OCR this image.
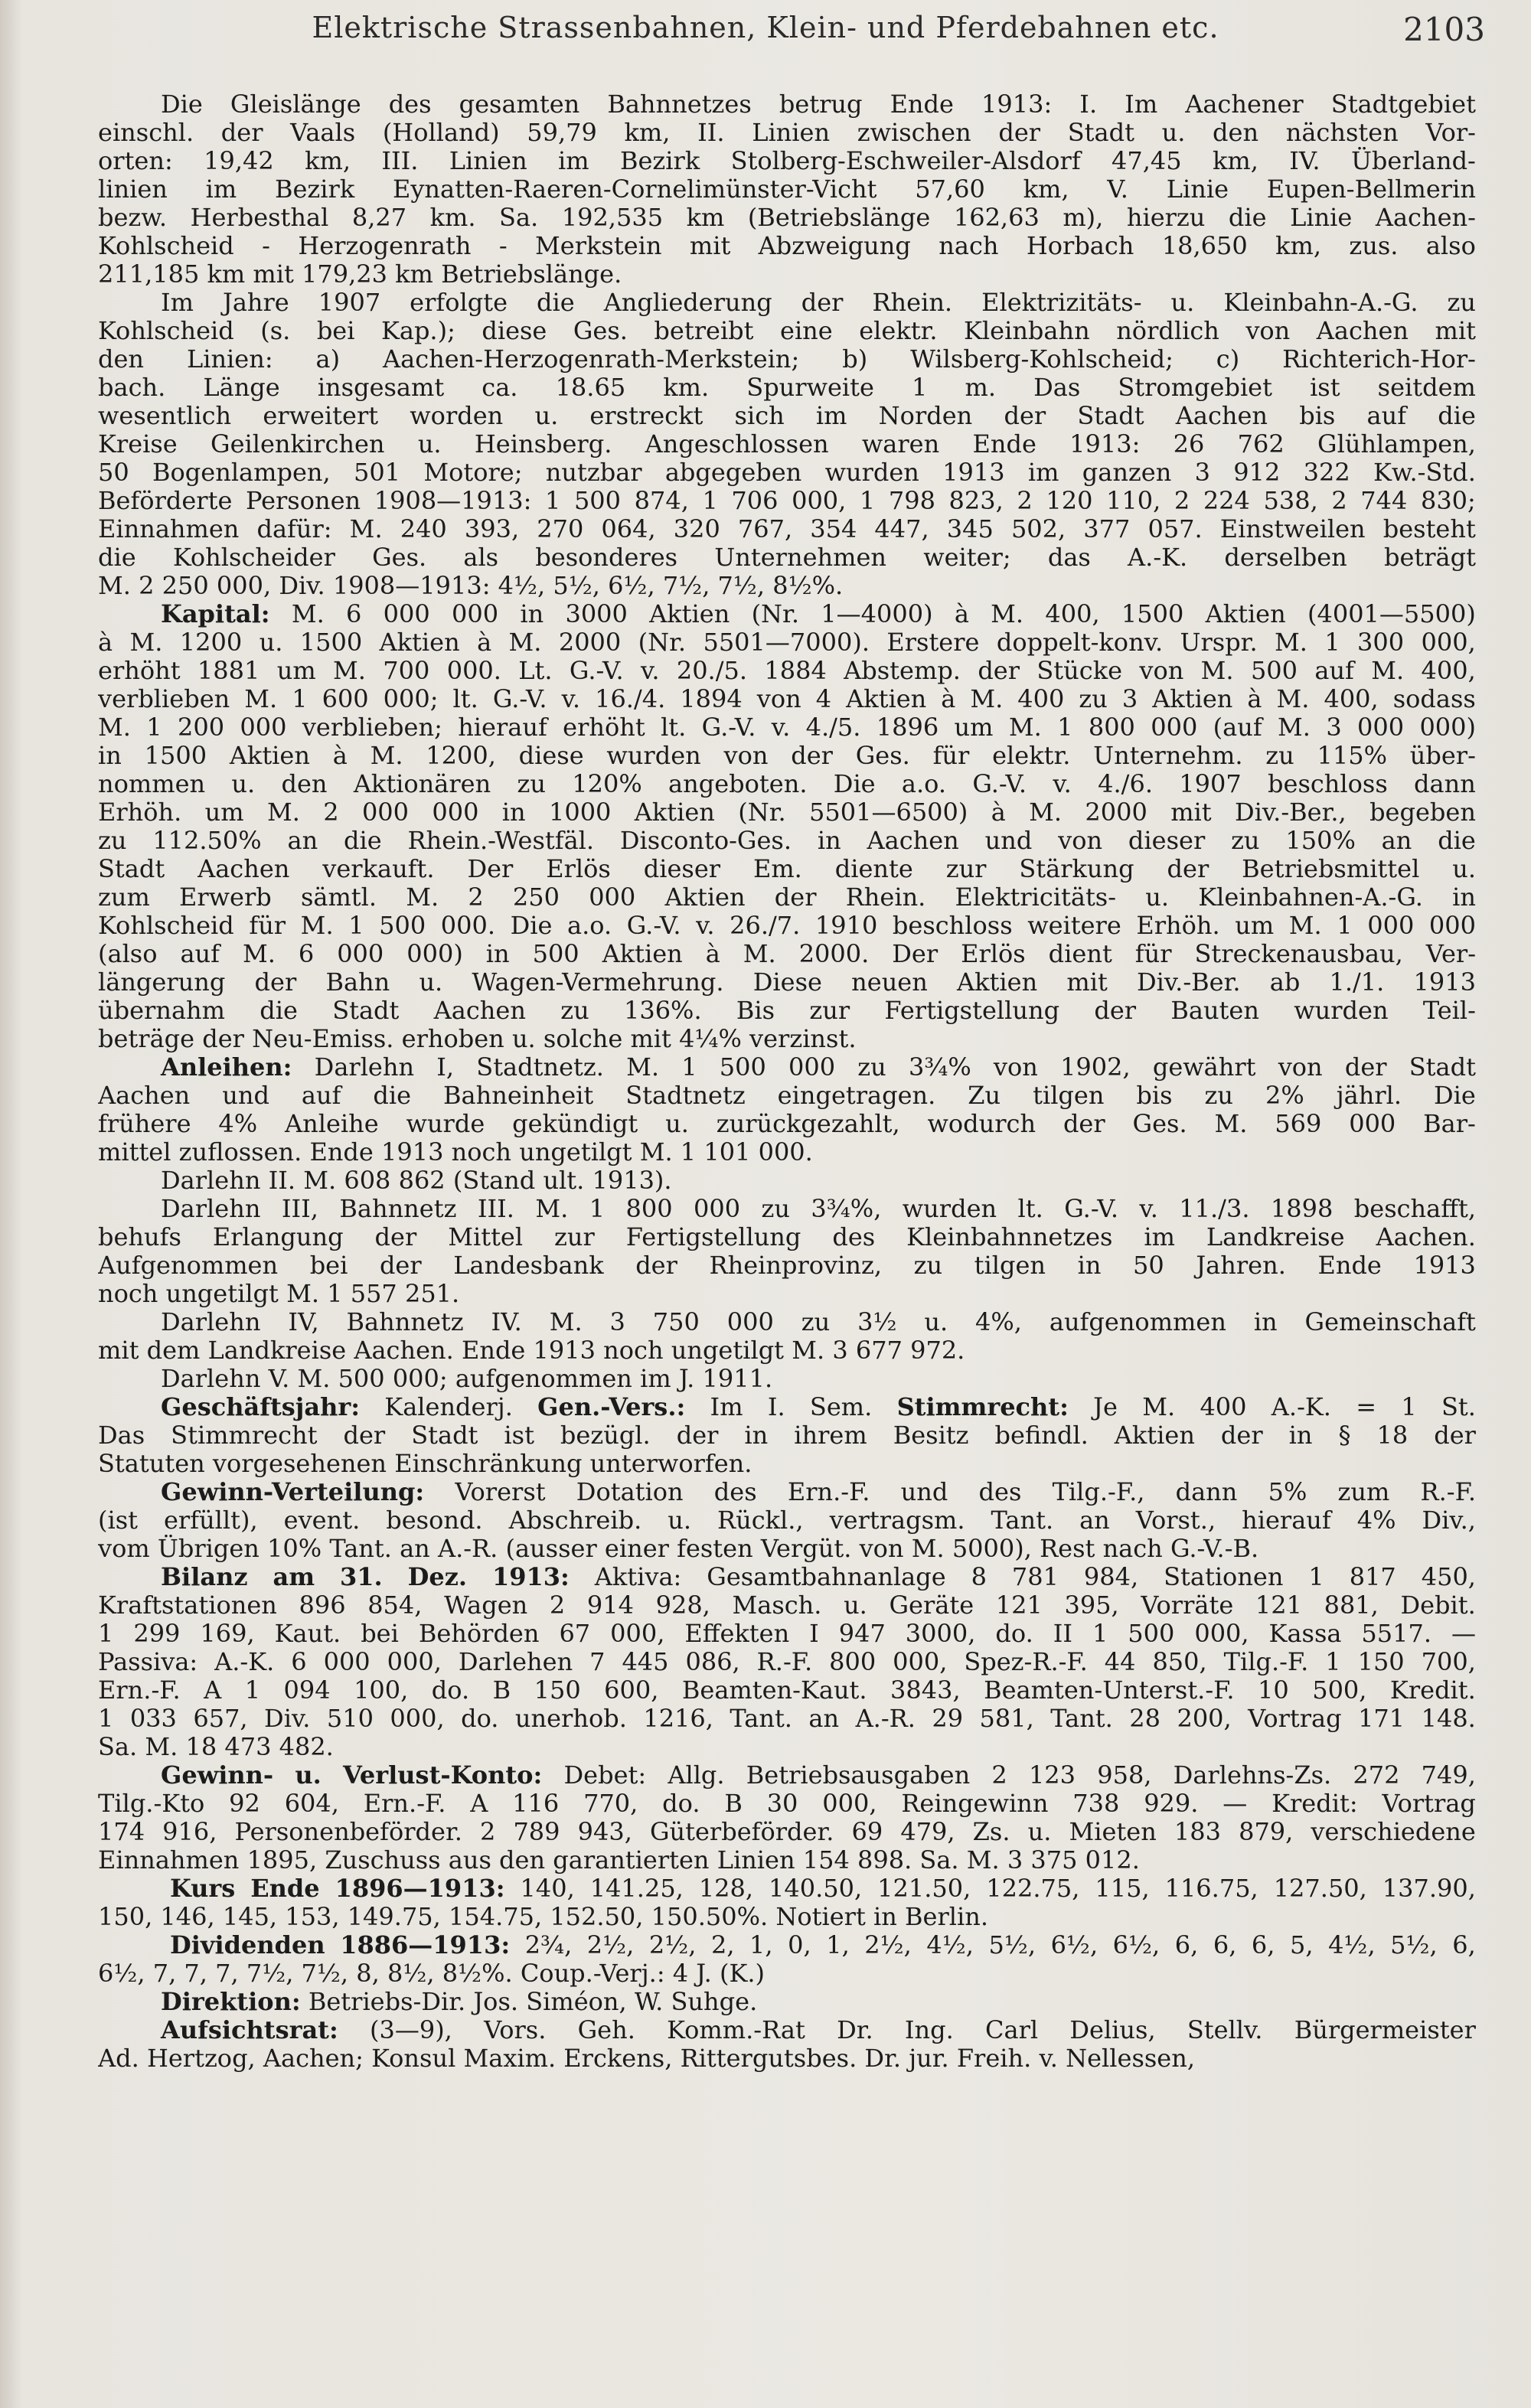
Elektrische Strassenbahnen, Klein- und Pferdebahnen etc.	2103
Die Gleislänge des gesamten Bahnnetzes betrug Ende 1913: I. Im Aachener Stadtgebiet
einschl. der Vaals (Holland) 59,79 km, II. Linien zwischen der Stadt u. den nächsten Vor-
orten: 19,42 km, III. Linien im Bezirk Stolberg-Eschweiler-Alsdorf 47,45 km, IV. Überland-
linien im Bezirk Eynatten-Raeren-Cornelimünster-Vicht 57,60 km, V. Linie Eupen-Bellmerin
bezw. Herbesthal 8,27 km. Sa. 192,535 km (Betriebslänge 162,63 m), hierzu die Linie Aachen-
Kohlscheid - Herzogenrath - Merkstein mit Abzweigung nach Horbach 18,650 km, zus. also
211,185 km mit 179,23 km Betriebslänge.
Im Jahre 1907 erfolgte die Angliederung der Rhein. Elektrizitäts- u. Kleinbahn-A.-G. zu
Kohlscheid (s. bei Kap.); diese Ges. betreibt eine elektr. Kleinbahn nördlich von Aachen mit
den Linien: a) Aachen-Herzogenrath-Merkstein; b) Wilsberg-Kohlscheid; c) Richterich-Hor-
bach. Länge insgesamt ca. 18.65 km. Spurweite 1 m. Das Stromgebiet ist seitdem
wesentlich erweitert worden u. erstreckt sich im Norden der Stadt Aachen bis auf die
Kreise Geilenkirchen u. Heinsberg. Angeschlossen waren Ende 1913: 26 762 Glühlampen,
50 Bogenlampen, 501 Motore; nutzbar abgegeben wurden 1913 im ganzen 3 912 322 Kw.-Std.
Beförderte Personen 1908—1913: 1 500 874, 1 706 000, 1 798 823, 2 120 110, 2 224 538, 2 744 830;
Einnahmen dafür: M. 240 393, 270 064, 320 767, 354 447, 345 502, 377 057. Einstweilen besteht
die Kohlscheider Ges. als besonderes Unternehmen weiter; das A.-K. derselben beträgt
M. 2 250 000, Div. 1908—1913: 4½, 5½, 6½, 7½, 7½, 8½%.
Kapital: M. 6 000 000 in 3000 Aktien (Nr. 1—4000) à M. 400, 1500 Aktien (4001—5500)
à M. 1200 u. 1500 Aktien à M. 2000 (Nr. 5501—7000). Erstere doppelt-konv. Urspr. M. 1 300 000,
erhöht 1881 um M. 700 000. Lt. G.-V. v. 20./5. 1884 Abstemp. der Stücke von M. 500 auf M. 400,
verblieben M. 1 600 000; lt. G.-V. v. 16./4. 1894 von 4 Aktien à M. 400 zu 3 Aktien à M. 400, sodass
M. 1 200 000 verblieben; hierauf erhöht lt. G.-V. v. 4./5. 1896 um M. 1 800 000 (auf M. 3 000 000)
in 1500 Aktien à M. 1200, diese wurden von der Ges. für elektr. Unternehm. zu 115% über-
nommen u. den Aktionären zu 120% angeboten. Die a.o. G.-V. v. 4./6. 1907 beschloss dann
Erhöh. um M. 2 000 000 in 1000 Aktien (Nr. 5501—6500) à M. 2000 mit Div.-Ber., begeben
zu 112.50% an die Rhein.-Westfäl. Disconto-Ges. in Aachen und von dieser zu 150% an die
Stadt Aachen verkauft. Der Erlös dieser Em. diente zur Stärkung der Betriebsmittel u.
zum Erwerb sämtl. M. 2 250 000 Aktien der Rhein. Elektricitäts- u. Kleinbahnen-A.-G. in
Kohlscheid für M. 1 500 000. Die a.o. G.-V. v. 26./7. 1910 beschloss weitere Erhöh. um M. 1 000 000
(also auf M. 6 000 000) in 500 Aktien à M. 2000. Der Erlös dient für Streckenausbau, Ver-
längerung der Bahn u. Wagen-Vermehrung. Diese neuen Aktien mit Div.-Ber. ab 1./1. 1913
übernahm die Stadt Aachen zu 136%. Bis zur Fertigstellung der Bauten wurden Teil-
beträge der Neu-Emiss. erhoben u. solche mit 4¼% verzinst.
Anleihen: Darlehn I, Stadtnetz. M. 1 500 000 zu 3¾% von 1902, gewährt von der Stadt
Aachen und auf die Bahneinheit Stadtnetz eingetragen. Zu tilgen bis zu 2% jährl. Die
frühere 4% Anleihe wurde gekündigt u. zurückgezahlt, wodurch der Ges. M. 569 000 Bar-
mittel zuflossen. Ende 1913 noch ungetilgt M. 1 101 000.
Darlehn II. M. 608 862 (Stand ult. 1913).
Darlehn III, Bahnnetz III. M. 1 800 000 zu 3¾%, wurden lt. G.-V. v. 11./3. 1898 beschafft,
behufs Erlangung der Mittel zur Fertigstellung des Kleinbahnnetzes im Landkreise Aachen.
Aufgenommen bei der Landesbank der Rheinprovinz, zu tilgen in 50 Jahren. Ende 1913
noch ungetilgt M. 1 557 251.
Darlehn IV, Bahnnetz IV. M. 3 750 000 zu 3½ u. 4%, aufgenommen in Gemeinschaft
mit dem Landkreise Aachen. Ende 1913 noch ungetilgt M. 3 677 972.
Darlehn V. M. 500 000; aufgenommen im J. 1911.
Geschäftsjahr: Kalenderj. Gen.-Vers.: Im I. Sem. Stimmrecht: Je M. 400 A.-K. = 1 St.
Das Stimmrecht der Stadt ist bezügl. der in ihrem Besitz befindl. Aktien der in § 18 der
Statuten vorgesehenen Einschränkung unterworfen.
Gewinn-Verteilung: Vorerst Dotation des Ern.-F. und des Tilg.-F., dann 5% zum R.-F.
(ist erfüllt), event. besond. Abschreib. u. Rückl., vertragsm. Tant. an Vorst., hierauf 4% Div.,
vom Übrigen 10% Tant. an A.-R. (ausser einer festen Vergüt. von M. 5000), Rest nach G.-V.-B.
Bilanz am 31. Dez. 1913: Aktiva: Gesamtbahnanlage 8 781 984, Stationen 1 817 450,
Kraftstationen 896 854, Wagen 2 914 928, Masch. u. Geräte 121 395, Vorräte 121 881, Debit.
1 299 169, Kaut. bei Behörden 67 000, Effekten I 947 3000, do. II 1 500 000, Kassa 5517. —
Passiva: A.-K. 6 000 000, Darlehen 7 445 086, R.-F. 800 000, Spez-R.-F. 44 850, Tilg.-F. 1 150 700,
Ern.-F. A 1 094 100, do. B 150 600, Beamten-Kaut. 3843, Beamten-Unterst.-F. 10 500, Kredit.
1 033 657, Div. 510 000, do. unerhob. 1216, Tant. an A.-R. 29 581, Tant. 28 200, Vortrag 171 148.
Sa. M. 18 473 482.
Gewinn- u. Verlust-Konto: Debet: Allg. Betriebsausgaben 2 123 958, Darlehns-Zs. 272 749,
Tilg.-Kto 92 604, Ern.-F. A 116 770, do. B 30 000, Reingewinn 738 929. — Kredit: Vortrag
174 916, Personenbeförder. 2 789 943, Güterbeförder. 69 479, Zs. u. Mieten 183 879, verschiedene
Einnahmen 1895, Zuschuss aus den garantierten Linien 154 898. Sa. M. 3 375 012.
Kurs Ende 1896—1913: 140, 141.25, 128, 140.50, 121.50, 122.75, 115, 116.75, 127.50, 137.90,
150, 146, 145, 153, 149.75, 154.75, 152.50, 150.50%. Notiert in Berlin.
Dividenden 1886—1913: 2¾, 2½, 2½, 2, 1, 0, 1, 2½, 4½, 5½, 6½, 6½, 6, 6, 6, 5, 4½, 5½, 6,
6½, 7, 7, 7, 7½, 7½, 8, 8½, 8½%. Coup.-Verj.: 4 J. (K.)
Direktion: Betriebs-Dir. Jos. Siméon, W. Suhge.
Aufsichtsrat: (3—9), Vors. Geh. Komm.-Rat Dr. Ing. Carl Delius, Stellv. Bürgermeister
Ad. Hertzog, Aachen; Konsul Maxim. Erckens, Rittergutsbes. Dr. jur. Freih. v. Nellessen,
